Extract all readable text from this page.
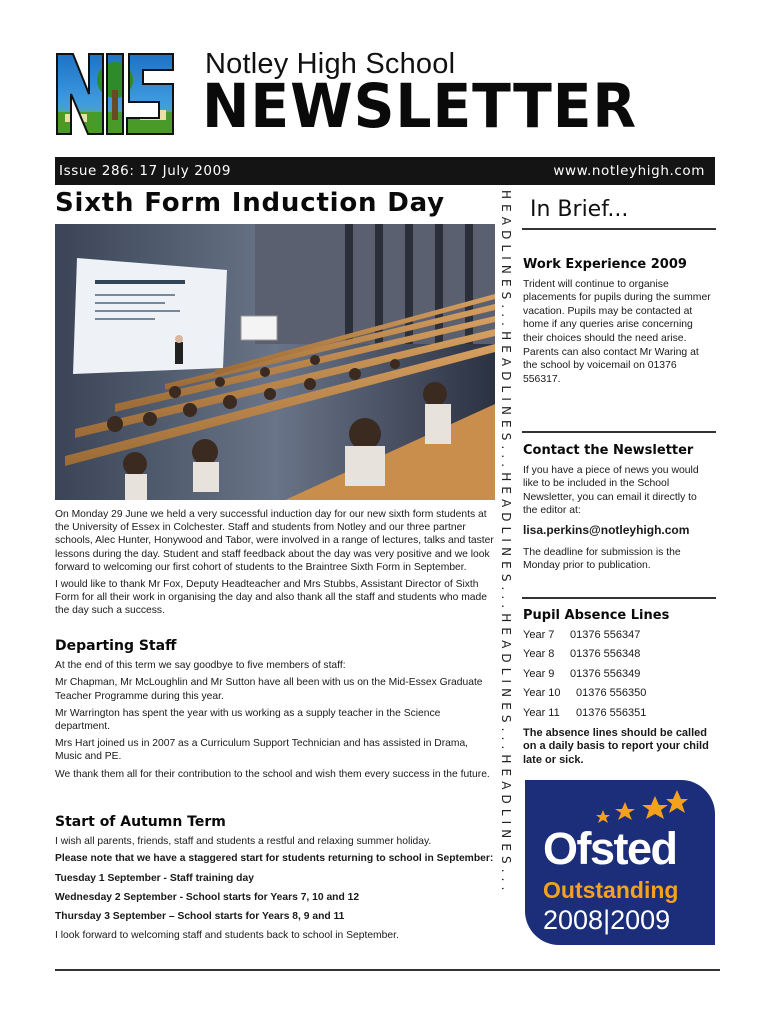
Notley High School
NEWSLETTER
Issue 286: 17 July 2009	www.notleyhigh.com
Sixth Form Induction Day

On Monday 29 June we held a very successful induction day for our new sixth form students at the University of Essex in Colchester. Staff and students from Notley and our three partner schools, Alec Hunter, Honywood and Tabor, were involved in a range of lectures, talks and taster lessons during the day. Student and staff feedback about the day was very positive and we look forward to welcoming our first cohort of students to the Braintree Sixth Form in September.

I would like to thank Mr Fox, Deputy Headteacher and Mrs Stubbs, Assistant Director of Sixth Form for all their work in organising the day and also thank all the staff and students who made the day such a success.

Departing Staff

At the end of this term we say goodbye to five members of staff:

Mr Chapman, Mr McLoughlin and Mr Sutton have all been with us on the Mid-Essex Graduate Teacher Programme during this year.

Mr Warrington has spent the year with us working as a supply teacher in the Science department.

Mrs Hart joined us in 2007 as a Curriculum Support Technician and has assisted in Drama, Music and PE.

We thank them all for their contribution to the school and wish them every success in the future.

Start of Autumn Term

I wish all parents, friends, staff and students a restful and relaxing summer holiday.

Please note that we have a staggered start for students returning to school in September:

Tuesday 1 September - Staff training day

Wednesday 2 September - School starts for Years 7, 10 and 12

Thursday 3 September – School starts for Years 8, 9 and 11

I look forward to welcoming staff and students back to school in September.

HEADLINES...HEADLINES...HEADLINES...HEADLINES...HEADLINES... In Brief...
Work Experience 2009

Trident will continue to organise placements for pupils during the summer vacation. Pupils may be contacted at home if any queries arise concerning their choices should the need arise. Parents can also contact Mr Waring at the school by voicemail on 01376 556317.

Contact the Newsletter

If you have a piece of news you would like to be included in the School Newsletter, you can email it directly to the editor at:

lisa.perkins@notleyhigh.com

The deadline for submission is the Monday prior to publication.

Pupil Absence Lines
Year 7	01376 556347
Year 8	01376 556348
Year 9	01376 556349
Year 10	01376 556350
Year 11	01376 556351
The absence lines should be called on a daily basis to report your child late or sick.
Ofsted
Outstanding
2008|2009
